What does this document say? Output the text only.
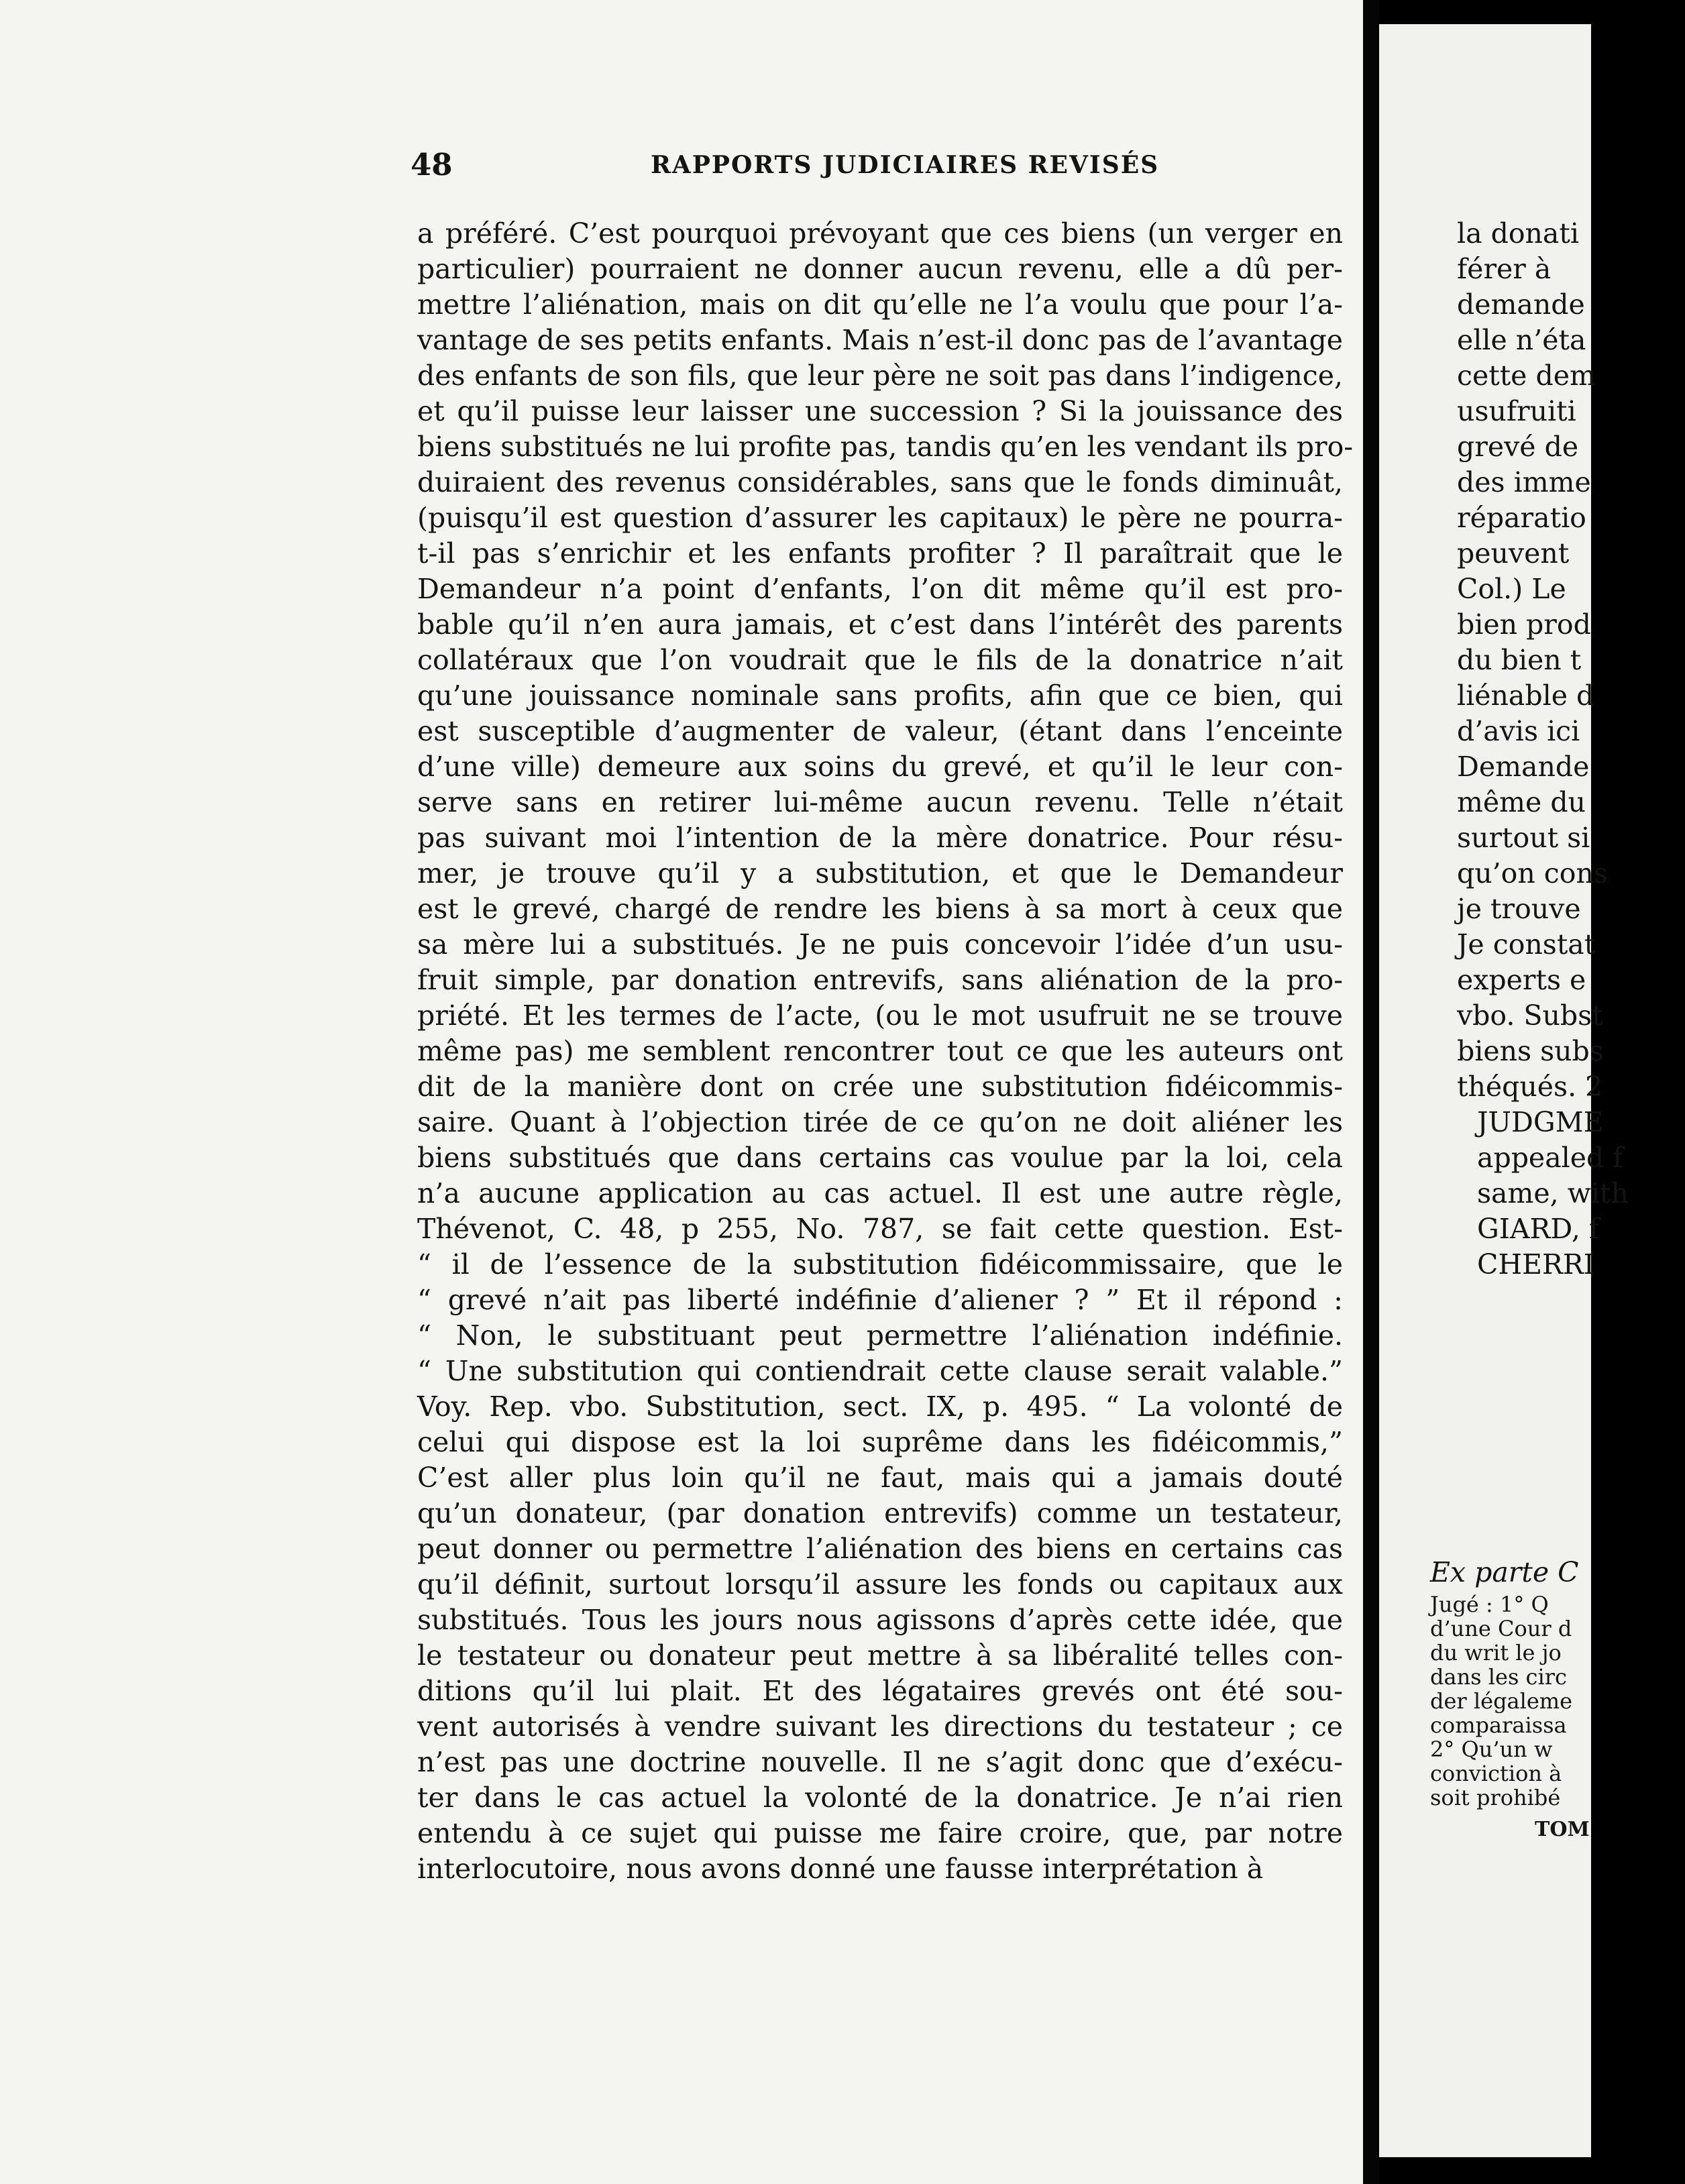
48	RAPPORTS JUDICIAIRES REVISÉS
a préféré. C’est pourquoi prévoyant que ces biens (un verger en
particulier) pourraient ne donner aucun revenu, elle a dû per-
mettre l’aliénation, mais on dit qu’elle ne l’a voulu que pour l’a-
vantage de ses petits enfants. Mais n’est-il donc pas de l’avantage
des enfants de son fils, que leur père ne soit pas dans l’indigence,
et qu’il puisse leur laisser une succession ? Si la jouissance des
biens substitués ne lui profite pas, tandis qu’en les vendant ils pro-
duiraient des revenus considérables, sans que le fonds diminuât,
(puisqu’il est question d’assurer les capitaux) le père ne pourra-
t-il pas s’enrichir et les enfants profiter ? Il paraîtrait que le
Demandeur n’a point d’enfants, l’on dit même qu’il est pro-
bable qu’il n’en aura jamais, et c’est dans l’intérêt des parents
collatéraux que l’on voudrait que le fils de la donatrice n’ait
qu’une jouissance nominale sans profits, afin que ce bien, qui
est susceptible d’augmenter de valeur, (étant dans l’enceinte
d’une ville) demeure aux soins du grevé, et qu’il le leur con-
serve sans en retirer lui-même aucun revenu. Telle n’était
pas suivant moi l’intention de la mère donatrice. Pour résu-
mer, je trouve qu’il y a substitution, et que le Demandeur
est le grevé, chargé de rendre les biens à sa mort à ceux que
sa mère lui a substitués. Je ne puis concevoir l’idée d’un usu-
fruit simple, par donation entrevifs, sans aliénation de la pro-
priété. Et les termes de l’acte, (ou le mot usufruit ne se trouve
même pas) me semblent rencontrer tout ce que les auteurs ont
dit de la manière dont on crée une substitution fidéicommis-
saire. Quant à l’objection tirée de ce qu’on ne doit aliéner les
biens substitués que dans certains cas voulue par la loi, cela
n’a aucune application au cas actuel. Il est une autre règle,
Thévenot, C. 48, p 255, No. 787, se fait cette question. Est-
“ il de l’essence de la substitution fidéicommissaire, que le
“ grevé n’ait pas liberté indéfinie d’aliener ? ” Et il répond :
“ Non, le substituant peut permettre l’aliénation indéfinie.
“ Une substitution qui contiendrait cette clause serait valable.”
Voy. Rep. vbo. Substitution, sect. IX, p. 495. “ La volonté de
celui qui dispose est la loi suprême dans les fidéicommis,”
C’est aller plus loin qu’il ne faut, mais qui a jamais douté
qu’un donateur, (par donation entrevifs) comme un testateur,
peut donner ou permettre l’aliénation des biens en certains cas
qu’il définit, surtout lorsqu’il assure les fonds ou capitaux aux
substitués. Tous les jours nous agissons d’après cette idée, que
le testateur ou donateur peut mettre à sa libéralité telles con-
ditions qu’il lui plait. Et des légataires grevés ont été sou-
vent autorisés à vendre suivant les directions du testateur ; ce
n’est pas une doctrine nouvelle. Il ne s’agit donc que d’exécu-
ter dans le cas actuel la volonté de la donatrice. Je n’ai rien
entendu à ce sujet qui puisse me faire croire, que, par notre
interlocutoire, nous avons donné une fausse interprétation à
la donati
férer à
demande
elle n’éta
cette dem
usufruiti
grevé de
des imme
réparatio
peuvent
Col.) Le
bien prod
du bien t
liénable d
d’avis ici
Demande
même du
surtout si
qu’on cons
je trouve
Je constat
experts e
vbo. Subst
biens subs
théqués. 2
JUDGME
appealed f
same, with
GIARD, f
CHERRI
Ex parte C
Jugé : 1° Q
d’une Cour d
du writ le jo
dans les circ
der légaleme
comparaissa
2° Qu’un w
conviction à
soit prohibé
TOM
